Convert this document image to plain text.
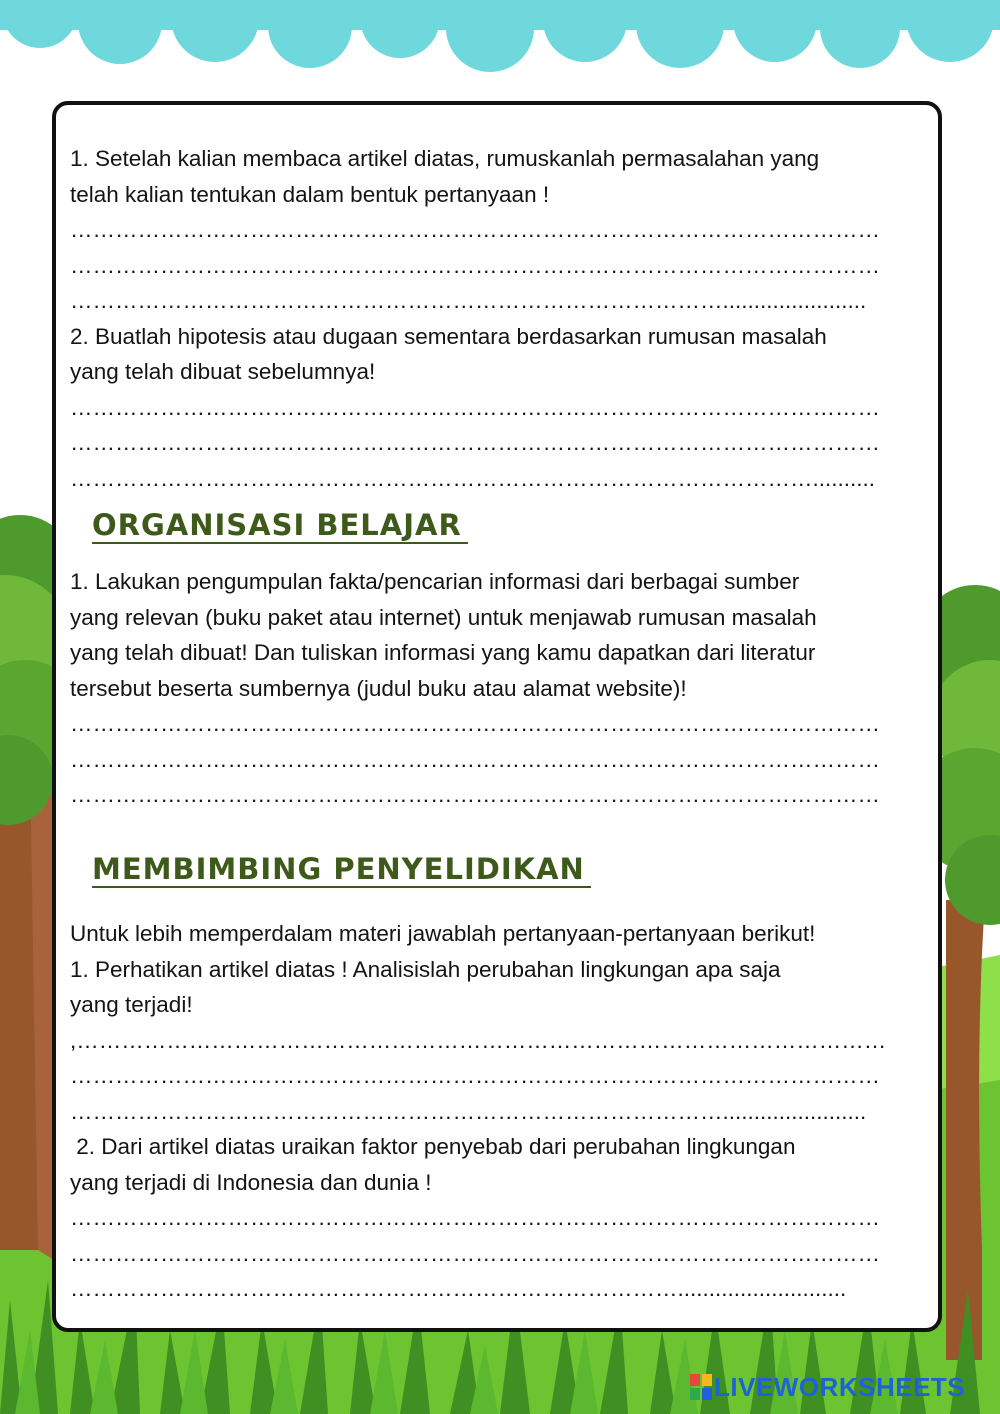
1. Setelah kalian membaca artikel diatas, rumuskanlah permasalahan yang
telah kalian tentukan dalam bentuk pertanyaan !
………………………………………………………………………………………………
………………………………………………………………………………………………
…………………………………………………………………………….......................
2. Buatlah hipotesis atau dugaan sementara berdasarkan rumusan masalah
yang telah dibuat sebelumnya!
………………………………………………………………………………………………
………………………………………………………………………………………………
………………………………………………………………………………………..........
ORGANISASI BELAJAR
1. Lakukan pengumpulan fakta/pencarian informasi dari berbagai sumber
yang relevan (buku paket atau internet) untuk menjawab rumusan masalah
yang telah dibuat! Dan tuliskan informasi yang kamu dapatkan dari literatur
tersebut beserta sumbernya (judul buku atau alamat website)!
………………………………………………………………………………………………
………………………………………………………………………………………………
………………………………………………………………………………………………
MEMBIMBING PENYELIDIKAN
Untuk lebih memperdalam materi jawablah pertanyaan-pertanyaan berikut!
1. Perhatikan artikel diatas ! Analisislah perubahan lingkungan apa saja
yang terjadi!
,………………………………………………………………………………………………
………………………………………………………………………………………………
…………………………………………………………………………….......................
2. Dari artikel diatas uraikan faktor penyebab dari perubahan lingkungan
yang terjadi di Indonesia dan dunia !
………………………………………………………………………………………………
………………………………………………………………………………………………
………………………………………………………………………...........................
LIVEWORKSHEETS
